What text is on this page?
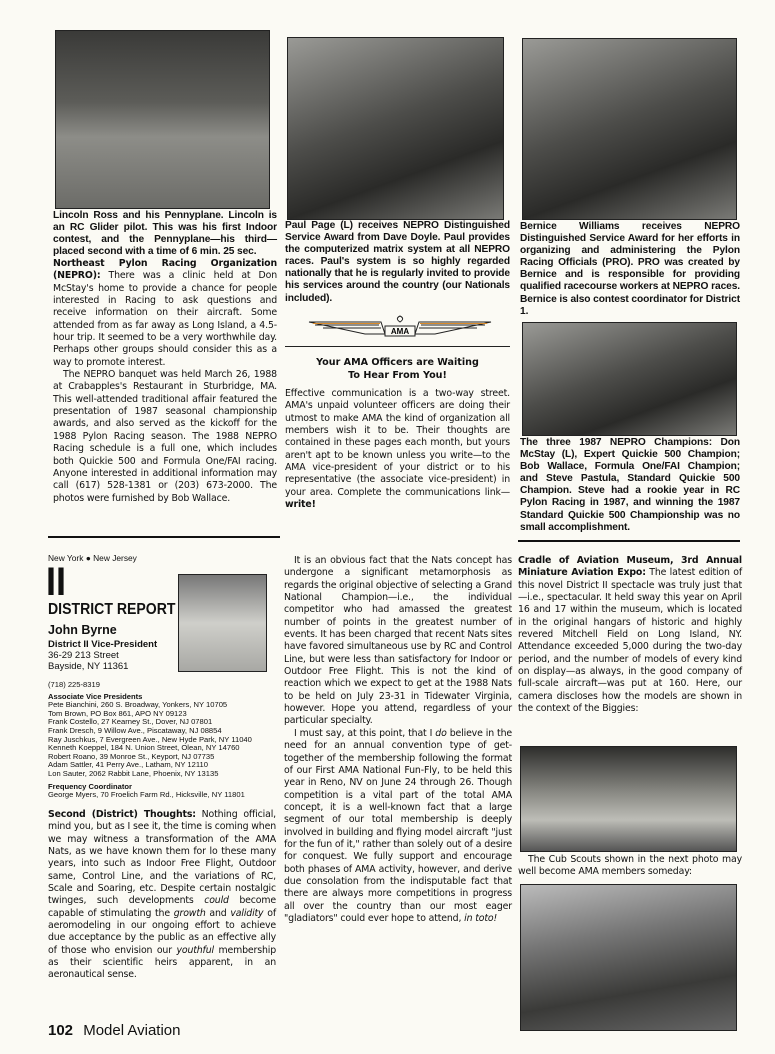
Lincoln Ross and his Pennyplane. Lincoln is an RC Glider pilot. This was his first Indoor contest, and the Pennyplane—his third—placed second with a time of 6 min. 25 sec.

Northeast Pylon Racing Organization (NEPRO): There was a clinic held at Don McStay's home to provide a chance for people interested in Racing to ask questions and receive information on their aircraft. Some attended from as far away as Long Island, a 4.5-hour trip. It seemed to be a very worthwhile day. Perhaps other groups should consider this as a way to promote interest.

The NEPRO banquet was held March 26, 1988 at Crabapples's Restaurant in Sturbridge, MA. This well-attended traditional affair featured the presentation of 1987 seasonal championship awards, and also served as the kickoff for the 1988 Pylon Racing season. The 1988 NEPRO Racing schedule is a full one, which includes both Quickie 500 and Formula One/FAI racing. Anyone interested in additional information may call (617) 528-1381 or (203) 673-2000. The photos were furnished by Bob Wallace.

Paul Page (L) receives NEPRO Distinguished Service Award from Dave Doyle. Paul provides the computerized matrix system at all NEPRO races. Paul's system is so highly regarded nationally that he is regularly invited to provide his services around the country (our Nationals included).

AMA
Your AMA Officers are Waiting
To Hear From You!

Effective communication is a two-way street. AMA's unpaid volunteer officers are doing their utmost to make AMA the kind of organization all members wish it to be. Their thoughts are contained in these pages each month, but yours aren't apt to be known unless you write—to the AMA vice-president of your district or to his representative (the associate vice-president) in your area. Complete the communications link— write!

Bernice Williams receives NEPRO Distinguished Service Award for her efforts in organizing and administering the Pylon Racing Officials (PRO). PRO was created by Bernice and is responsible for providing qualified racecourse workers at NEPRO races. Bernice is also contest coordinator for District 1.

The three 1987 NEPRO Champions: Don McStay (L), Expert Quickie 500 Champion; Bob Wallace, Formula One/FAI Champion; and Steve Pastula, Standard Quickie 500 Champion. Steve had a rookie year in RC Pylon Racing in 1987, and winning the 1987 Standard Quickie 500 Championship was no small accomplishment.

New York ● New Jersey
II
DISTRICT REPORT
John Byrne
District II Vice-President
36-29 213 Street
Bayside, NY 11361
(718) 225-8319
Associate Vice Presidents
Pete Bianchini, 260 S. Broadway, Yonkers, NY 10705
Tom Brown, PO Box 861, APO NY 09123
Frank Costello, 27 Kearney St., Dover, NJ 07801
Frank Dresch, 9 Willow Ave., Piscataway, NJ 08854
Ray Juschkus, 7 Evergreen Ave., New Hyde Park, NY 11040
Kenneth Koeppel, 184 N. Union Street, Olean, NY 14760
Robert Roano, 39 Monroe St., Keyport, NJ 07735
Adam Sattler, 41 Perry Ave., Latham, NY 12110
Lon Sauter, 2062 Rabbit Lane, Phoenix, NY 13135
Frequency Coordinator
George Myers, 70 Froelich Farm Rd., Hicksville, NY 11801

Second (District) Thoughts: Nothing official, mind you, but as I see it, the time is coming when we may witness a transformation of the AMA Nats, as we have known them for lo these many years, into such as Indoor Free Flight, Outdoor same, Control Line, and the variations of RC, Scale and Soaring, etc. Despite certain nostalgic twinges, such developments could become capable of stimulating the growth and validity of aeromodeling in our ongoing effort to achieve due acceptance by the public as an effective ally of those who envision our youthful membership as their scientific heirs apparent, in an aeronautical sense.

It is an obvious fact that the Nats concept has undergone a significant metamorphosis as regards the original objective of selecting a Grand National Champion—i.e., the individual competitor who had amassed the greatest number of points in the greatest number of events. It has been charged that recent Nats sites have favored simultaneous use by RC and Control Line, but were less than satisfactory for Indoor or Outdoor Free Flight. This is not the kind of reaction which we expect to get at the 1988 Nats to be held on July 23-31 in Tidewater Virginia, however. Hope you attend, regardless of your particular specialty.

I must say, at this point, that I do believe in the need for an annual convention type of get-together of the membership following the format of our First AMA National Fun-Fly, to be held this year in Reno, NV on June 24 through 26. Though competition is a vital part of the total AMA concept, it is a well-known fact that a large segment of our total membership is deeply involved in building and flying model aircraft "just for the fun of it," rather than solely out of a desire for conquest. We fully support and encourage both phases of AMA activity, however, and derive due consolation from the indisputable fact that there are always more competitions in progress all over the country than our most eager "gladiators" could ever hope to attend, in toto!

Cradle of Aviation Museum, 3rd Annual Miniature Aviation Expo: The latest edition of this novel District II spectacle was truly just that—i.e., spectacular. It held sway this year on April 16 and 17 within the museum, which is located in the original hangars of historic and highly revered Mitchell Field on Long Island, NY. Attendance exceeded 5,000 during the two-day period, and the number of models of every kind on display—as always, in the good company of full-scale aircraft—was put at 160. Here, our camera discloses how the models are shown in the context of the Biggies:

The Cub Scouts shown in the next photo may well become AMA members someday:

102 Model Aviation
